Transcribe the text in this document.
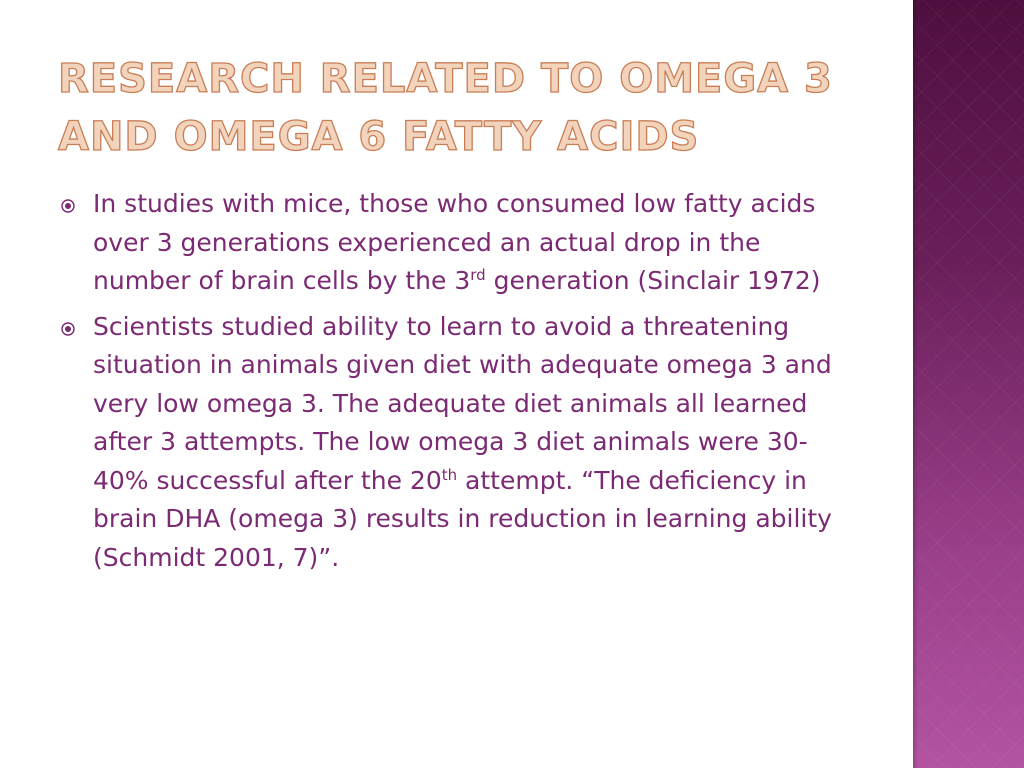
RESEARCH RELATED TO OMEGA 3 AND OMEGA 6 FATTY ACIDS
In studies with mice, those who consumed low fatty acids over 3 generations experienced an actual drop in the number of brain cells by the 3rd generation (Sinclair 1972)
Scientists studied ability to learn to avoid a threatening situation in animals given diet with adequate omega 3 and very low omega 3. The adequate diet animals all learned after 3 attempts. The low omega 3 diet animals were 30-40% successful after the 20th attempt. “The deficiency in brain DHA (omega 3) results in reduction in learning ability (Schmidt 2001, 7)”.
